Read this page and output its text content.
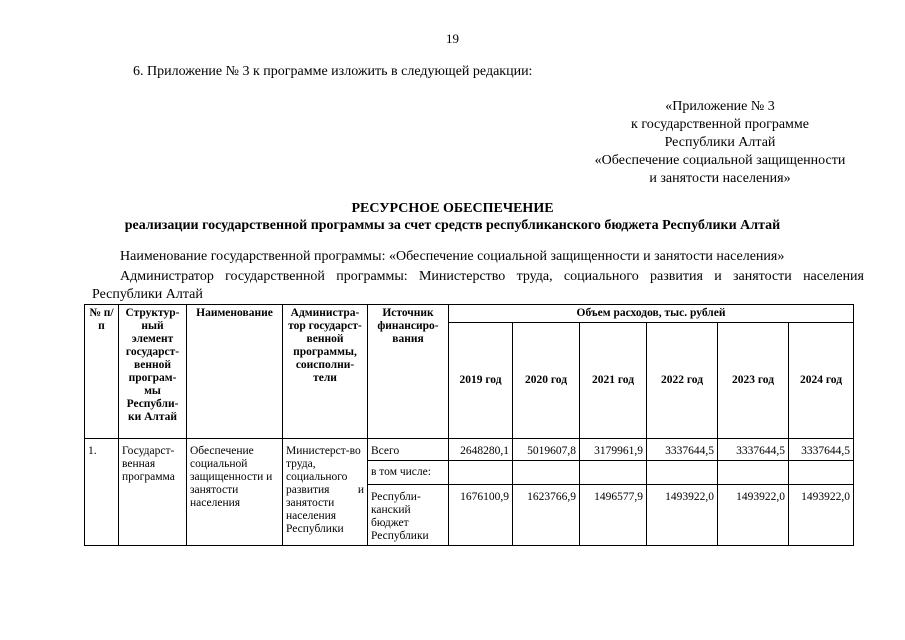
19
6. Приложение № 3 к программе изложить в следующей редакции:
«Приложение № 3
к государственной программе
Республики Алтай
«Обеспечение социальной защищенности
и занятости населения»
РЕСУРСНОЕ ОБЕСПЕЧЕНИЕ
реализации государственной программы за счет средств республиканского бюджета Республики Алтай
Наименование государственной программы: «Обеспечение социальной защищенности и занятости населения»
Администратор государственной программы: Министерство труда, социального развития и занятости населения Республики Алтай
№ п/п	Структур-ный элемент государст-венной програм-мы Республи-ки Алтай	Наименование	Администра-тор государст-венной программы, соисполни-тели	Источник финансиро-вания	Объем расходов, тыс. рублей					
					2019 год	2020 год	2021 год	2022 год	2023 год	2024 год
1.	Государст-венная программа	Обеспечение социальной защищенности и занятости населения	Министерст-во труда, социального развития и занятости населения Республики	Всего	2648280,1	5019607,8	3179961,9	3337644,5	3337644,5	3337644,5
				в том числе:						
				Республи-канский бюджет Республики	1676100,9	1623766,9	1496577,9	1493922,0	1493922,0	1493922,0
